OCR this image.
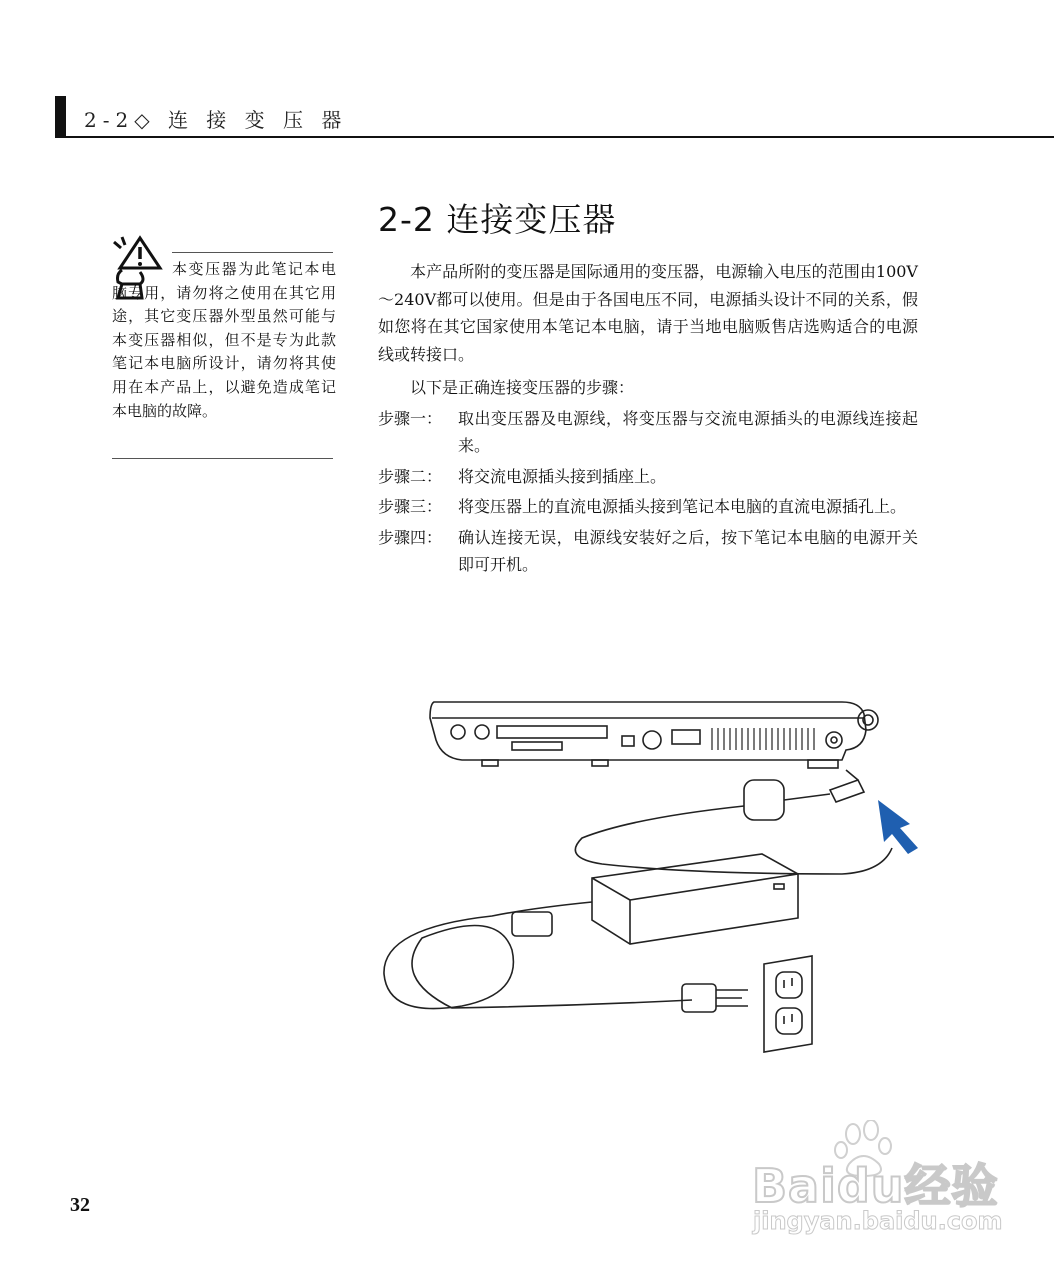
2-2◇ 连 接 变 压 器
本变压器为此笔记本电脑专用，请勿将之使用在其它用途，其它变压器外型虽然可能与本变压器相似，但不是专为此款笔记本电脑所设计，请勿将其使用在本产品上，以避免造成笔记本电脑的故障。
2-2 连接变压器

本产品所附的变压器是国际通用的变压器，电源输入电压的范围由100V～240V都可以使用。但是由于各国电压不同，电源插头设计不同的关系，假如您将在其它国家使用本笔记本电脑，请于当地电脑贩售店选购适合的电源线或转接口。

以下是正确连接变压器的步骤：

步骤一： 取出变压器及电源线，将变压器与交流电源插头的电源线连接起来。
步骤二： 将交流电源插头接到插座上。
步骤三： 将变压器上的直流电源插头接到笔记本电脑的直流电源插孔上。
步骤四： 确认连接无误，电源线安装好之后，按下笔记本电脑的电源开关即可开机。
32	Baidu经验
jingyan.baidu.com
